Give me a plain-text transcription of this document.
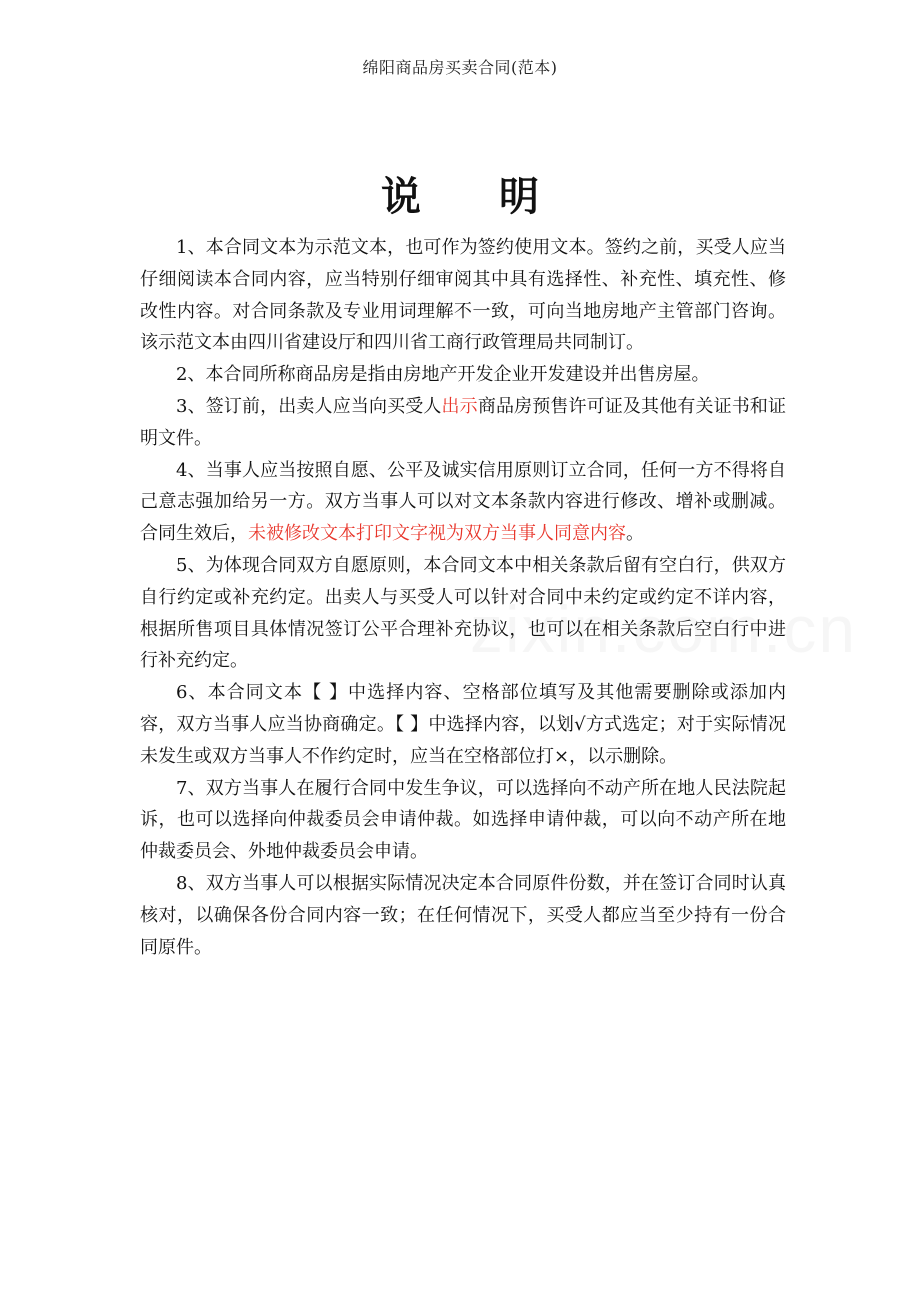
绵阳商品房买卖合同(范本)
说 明

1、本合同文本为示范文本，也可作为签约使用文本。签约之前，买受人应当仔细阅读本合同内容，应当特别仔细审阅其中具有选择性、补充性、填充性、修改性内容。对合同条款及专业用词理解不一致，可向当地房地产主管部门咨询。该示范文本由四川省建设厅和四川省工商行政管理局共同制订。

2、本合同所称商品房是指由房地产开发企业开发建设并出售房屋。

3、签订前，出卖人应当向买受人出示商品房预售许可证及其他有关证书和证明文件。

4、当事人应当按照自愿、公平及诚实信用原则订立合同，任何一方不得将自己意志强加给另一方。双方当事人可以对文本条款内容进行修改、增补或删减。合同生效后，未被修改文本打印文字视为双方当事人同意内容。

5、为体现合同双方自愿原则，本合同文本中相关条款后留有空白行，供双方自行约定或补充约定。出卖人与买受人可以针对合同中未约定或约定不详内容，根据所售项目具体情况签订公平合理补充协议，也可以在相关条款后空白行中进行补充约定。

6、本合同文本【 】中选择内容、空格部位填写及其他需要删除或添加内容，双方当事人应当协商确定。【 】中选择内容，以划√方式选定；对于实际情况未发生或双方当事人不作约定时，应当在空格部位打×，以示删除。

7、双方当事人在履行合同中发生争议，可以选择向不动产所在地人民法院起诉，也可以选择向仲裁委员会申请仲裁。如选择申请仲裁，可以向不动产所在地仲裁委员会、外地仲裁委员会申请。

8、双方当事人可以根据实际情况决定本合同原件份数，并在签订合同时认真核对，以确保各份合同内容一致；在任何情况下，买受人都应当至少持有一份合同原件。
